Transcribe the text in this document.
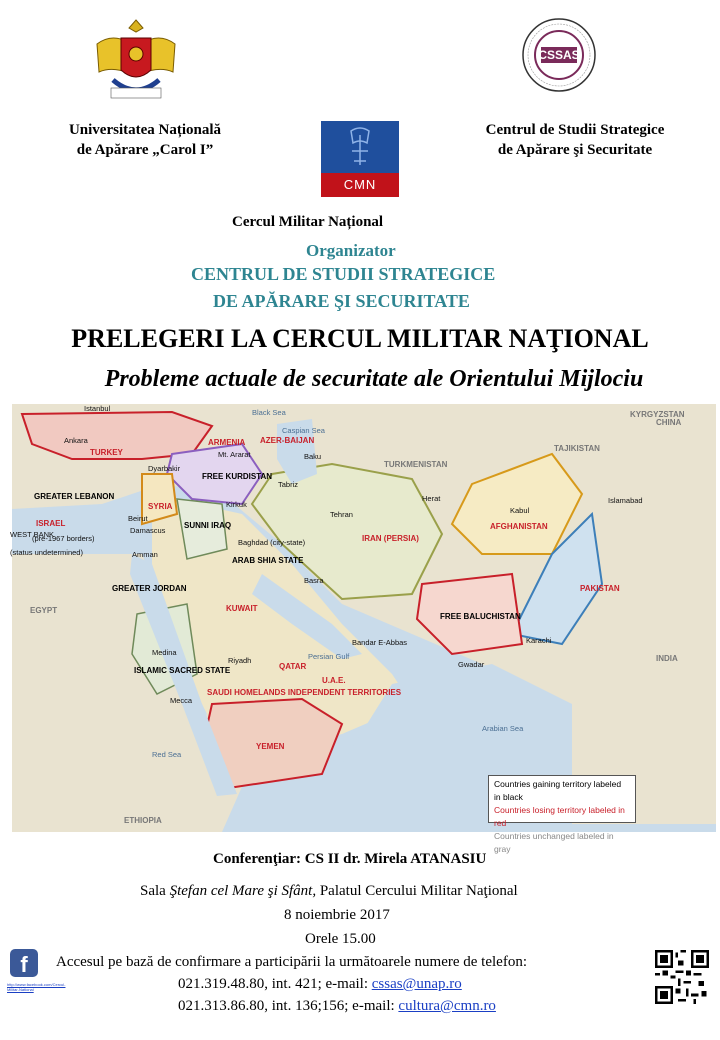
CSSAS
CMN
Universitatea Națională
de Apărare „Carol I”
Centrul de Studii Strategice
de Apărare şi Securitate
Cercul Militar Național
Organizator
CENTRUL DE STUDII STRATEGICE
DE APĂRARE ŞI SECURITATE
PRELEGERI LA CERCUL MILITAR NAŢIONAL
Probleme actuale de securitate ale Orientului Mijlociu
TURKEY
ARMENIA AZER-BAIJAN
FREE KURDISTAN
SYRIA
SUNNI IRAQ
ARAB SHIA STATE
IRAN (PERSIA)
AFGHANISTAN
PAKISTAN
FREE BALUCHISTAN
KUWAIT
QATAR
U.A.E.
GREATER JORDAN
ISLAMIC SACRED STATE
SAUDI HOMELANDS INDEPENDENT TERRITORIES
YEMEN
ISRAEL
GREATER LEBANON
EGYPT
ETHIOPIA
KYRGYZSTAN
TAJIKISTAN
CHINA
INDIA
TURKMENISTAN
Istanbul
Ankara
Dyarbakir
Mt. Ararat	Baku
Tabriz
Kirkuk
Beirut
Damascus
Amman
Baghdad (city-state)
Basra
Tehran
Herat
Kabul
Islamabad
Bandar E-Abbas	Karachi
Gwadar
Riyadh
Medina
Mecca
Caspian Sea
Persian Gulf
Arabian Sea
Red Sea
Black Sea
WEST BANK
(status undetermined)
(pre-1967 borders)
Countries gaining territory labeled in black
Countries losing territory labeled in red
Countries unchanged labeled in gray
Conferenţiar: CS II dr. Mirela ATANASIU
Sala Ştefan cel Mare şi Sfânt, Palatul Cercului Militar Naţional
8 noiembrie 2017
Orele 15.00
Accesul pe bază de confirmare a participării la următoarele numere de telefon:
021.319.48.80, int. 421; e-mail: cssas@unap.ro
021.313.86.80, int. 136;156; e-mail: cultura@cmn.ro
f
http://www.facebook.com/Cercul-Militar-National
